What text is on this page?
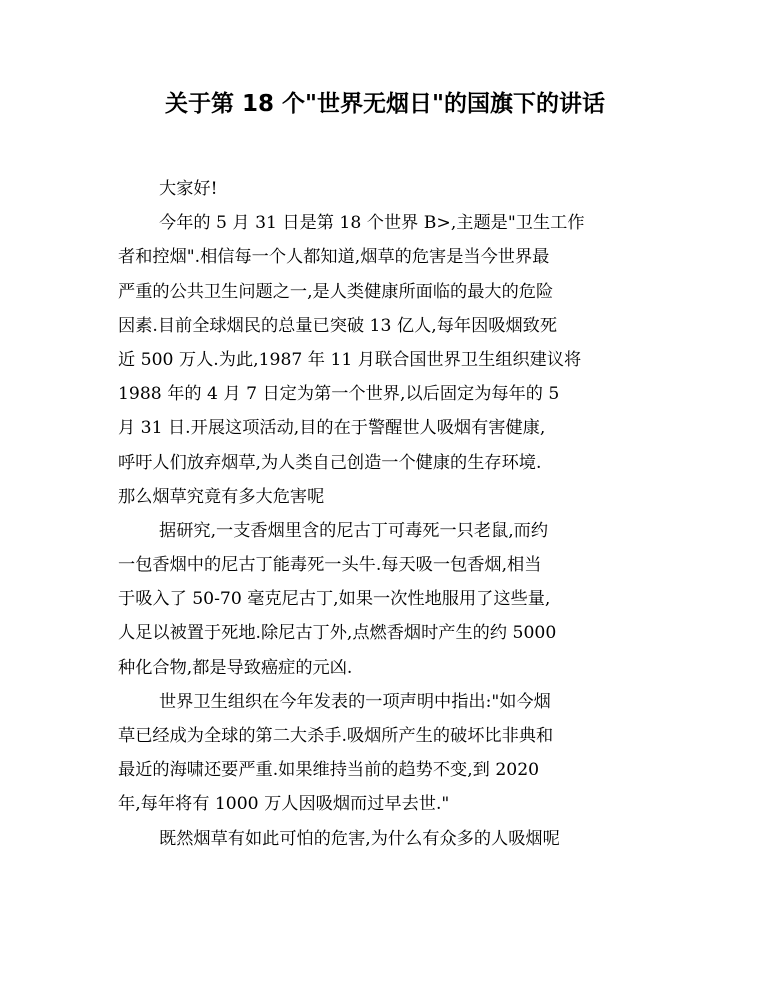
关于第 18 个"世界无烟日"的国旗下的讲话
大家好!
今年的 5 月 31 日是第 18 个世界 B>,主题是"卫生工作
者和控烟".相信每一个人都知道,烟草的危害是当今世界最
严重的公共卫生问题之一,是人类健康所面临的最大的危险
因素.目前全球烟民的总量已突破 13 亿人,每年因吸烟致死
近 500 万人.为此,1987 年 11 月联合国世界卫生组织建议将
1988 年的 4 月 7 日定为第一个世界,以后固定为每年的 5
月 31 日.开展这项活动,目的在于警醒世人吸烟有害健康,
呼吁人们放弃烟草,为人类自己创造一个健康的生存环境.
那么烟草究竟有多大危害呢
据研究,一支香烟里含的尼古丁可毒死一只老鼠,而约
一包香烟中的尼古丁能毒死一头牛.每天吸一包香烟,相当
于吸入了 50-70 毫克尼古丁,如果一次性地服用了这些量,
人足以被置于死地.除尼古丁外,点燃香烟时产生的约 5000
种化合物,都是导致癌症的元凶.
世界卫生组织在今年发表的一项声明中指出:"如今烟
草已经成为全球的第二大杀手.吸烟所产生的破坏比非典和
最近的海啸还要严重.如果维持当前的趋势不变,到 2020
年,每年将有 1000 万人因吸烟而过早去世."
既然烟草有如此可怕的危害,为什么有众多的人吸烟呢
